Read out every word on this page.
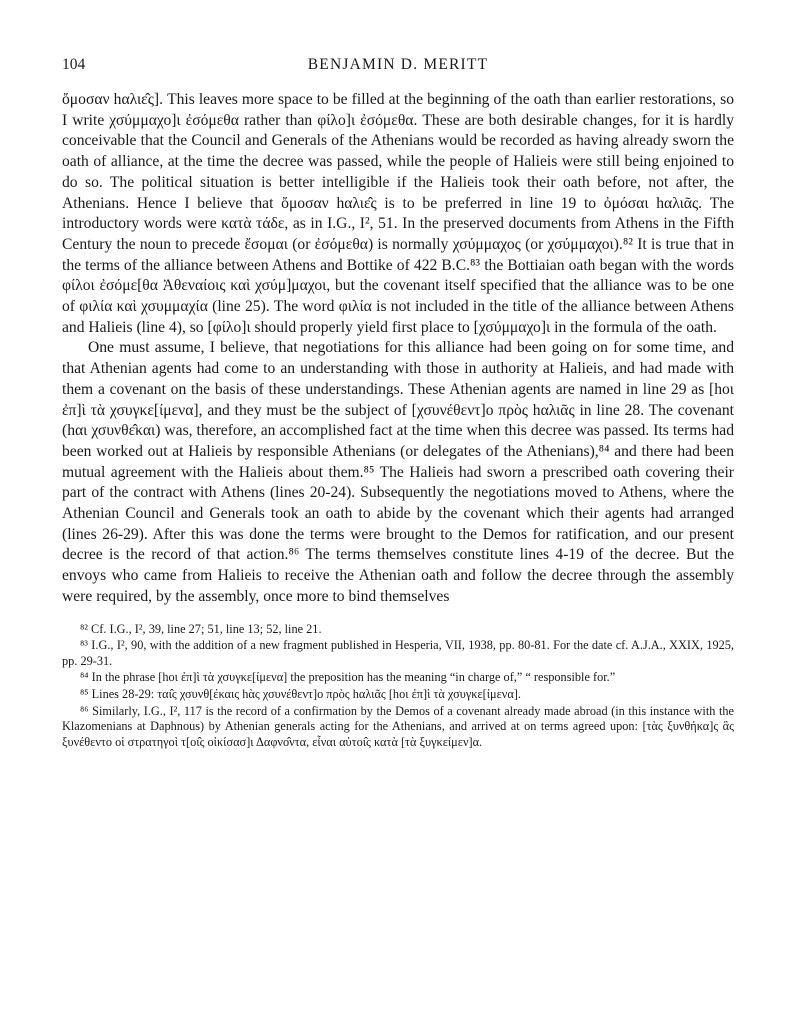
104	BENJAMIN D. MERITT

ὄμοσαν hαλιε̂ς]. This leaves more space to be filled at the beginning of the oath than earlier restorations, so I write χσύμμαχο]ι ἐσόμεθα rather than φίλο]ι ἐσόμεθα. These are both desirable changes, for it is hardly conceivable that the Council and Generals of the Athenians would be recorded as having already sworn the oath of alliance, at the time the decree was passed, while the people of Halieis were still being enjoined to do so. The political situation is better intelligible if the Halieis took their oath before, not after, the Athenians. Hence I believe that ὄμοσαν hαλιε̂ς is to be preferred in line 19 to ὀμόσαι hαλιᾶς. The introductory words were κατὰ τάδε, as in I.G., I², 51. In the preserved documents from Athens in the Fifth Century the noun to precede ἔσομαι (or ἐσόμεθα) is normally χσύμμαχος (or χσύμμαχοι).⁸² It is true that in the terms of the alliance between Athens and Bottike of 422 B.C.⁸³ the Bottiaian oath began with the words φίλοι ἐσόμε[θα Ἀθεναίοις καὶ χσύμ]μαχοι, but the covenant itself specified that the alliance was to be one of φιλία καὶ χσυμμαχία (line 25). The word φιλία is not included in the title of the alliance between Athens and Halieis (line 4), so [φίλο]ι should properly yield first place to [χσύμμαχο]ι in the formula of the oath.

One must assume, I believe, that negotiations for this alliance had been going on for some time, and that Athenian agents had come to an understanding with those in authority at Halieis, and had made with them a covenant on the basis of these understandings. These Athenian agents are named in line 29 as [hοι ἐπ]ὶ τὰ χσυγκε[ίμενα], and they must be the subject of [χσυνέθεντ]ο πρὸς hαλιᾶς in line 28. The covenant (hαι χσυνθε̂και) was, therefore, an accomplished fact at the time when this decree was passed. Its terms had been worked out at Halieis by responsible Athenians (or delegates of the Athenians),⁸⁴ and there had been mutual agreement with the Halieis about them.⁸⁵ The Halieis had sworn a prescribed oath covering their part of the contract with Athens (lines 20-24). Subsequently the negotiations moved to Athens, where the Athenian Council and Generals took an oath to abide by the covenant which their agents had arranged (lines 26-29). After this was done the terms were brought to the Demos for ratification, and our present decree is the record of that action.⁸⁶ The terms themselves constitute lines 4-19 of the decree. But the envoys who came from Halieis to receive the Athenian oath and follow the decree through the assembly were required, by the assembly, once more to bind themselves

⁸² Cf. I.G., I², 39, line 27; 51, line 13; 52, line 21.

⁸³ I.G., I², 90, with the addition of a new fragment published in Hesperia, VII, 1938, pp. 80-81. For the date cf. A.J.A., XXIX, 1925, pp. 29-31.

⁸⁴ In the phrase [hοι ἐπ]ὶ τὰ χσυγκε[ίμενα] the preposition has the meaning “in charge of,” “ responsible for.”

⁸⁵ Lines 28-29: ται̂ς χσυνθ[έκαις hὰς χσυνέθεντ]ο πρὸς hαλιᾶς [hοι ἐπ]ὶ τὰ χσυγκε[ίμενα].

⁸⁶ Similarly, I.G., I², 117 is the record of a confirmation by the Demos of a covenant already made abroad (in this instance with the Klazomenians at Daphnous) by Athenian generals acting for the Athenians, and arrived at on terms agreed upon: [τὰς ξυνθήκα]ς ἃς ξυνέθεντο οἱ στρατηγοὶ τ[οι̂ς οἰκίσασ]ι Δαφνο̂ντα, εἶναι αὐτοι̂ς κατὰ [τὰ ξυγκείμεν]α.
